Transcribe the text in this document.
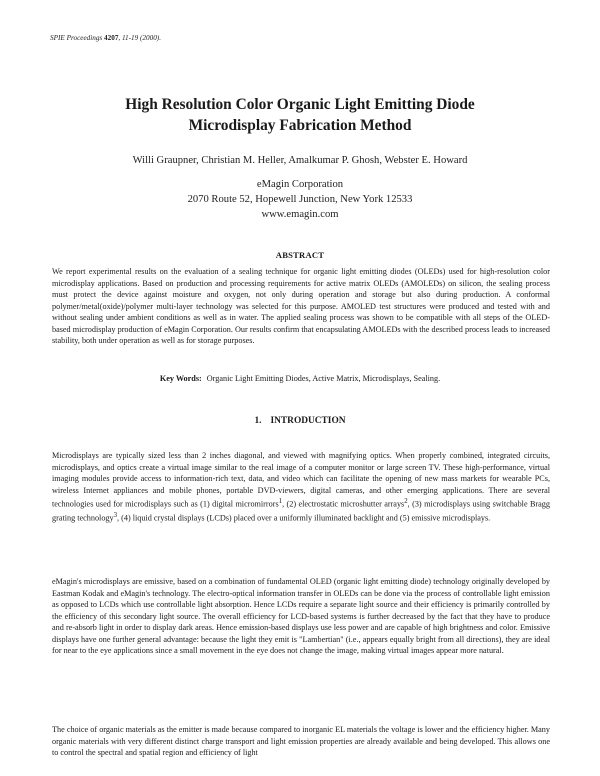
SPIE Proceedings 4207, 11-19 (2000).
High Resolution Color Organic Light Emitting Diode
Microdisplay Fabrication Method
Willi Graupner, Christian M. Heller, Amalkumar P. Ghosh, Webster E. Howard
eMagin Corporation
2070 Route 52, Hopewell Junction, New York 12533
www.emagin.com
ABSTRACT
We report experimental results on the evaluation of a sealing technique for organic light emitting diodes (OLEDs) used for high-resolution color microdisplay applications. Based on production and processing requirements for active matrix OLEDs (AMOLEDs) on silicon, the sealing process must protect the device against moisture and oxygen, not only during operation and storage but also during production. A conformal polymer/metal(oxide)/polymer multi-layer technology was selected for this purpose. AMOLED test structures were produced and tested with and without sealing under ambient conditions as well as in water. The applied sealing process was shown to be compatible with all steps of the OLED-based microdisplay production of eMagin Corporation. Our results confirm that encapsulating AMOLEDs with the described process leads to increased stability, both under operation as well as for storage purposes.
Key Words: Organic Light Emitting Diodes, Active Matrix, Microdisplays, Sealing.
1. INTRODUCTION

Microdisplays are typically sized less than 2 inches diagonal, and viewed with magnifying optics. When properly combined, integrated circuits, microdisplays, and optics create a virtual image similar to the real image of a computer monitor or large screen TV. These high-performance, virtual imaging modules provide access to information-rich text, data, and video which can facilitate the opening of new mass markets for wearable PCs, wireless Internet appliances and mobile phones, portable DVD-viewers, digital cameras, and other emerging applications. There are several technologies used for microdisplays such as (1) digital micromirrors$^1$, (2) electrostatic microshutter arrays$^2$, (3) microdisplays using switchable Bragg grating technology$^3$, (4) liquid crystal displays (LCDs) placed over a uniformly illuminated backlight and (5) emissive microdisplays.

eMagin's microdisplays are emissive, based on a combination of fundamental OLED (organic light emitting diode) technology originally developed by Eastman Kodak and eMagin's technology. The electro-optical information transfer in OLEDs can be done via the process of controllable light emission as opposed to LCDs which use controllable light absorption. Hence LCDs require a separate light source and their efficiency is primarily controlled by the efficiency of this secondary light source. The overall efficiency for LCD-based systems is further decreased by the fact that they have to produce and re-absorb light in order to display dark areas. Hence emission-based displays use less power and are capable of high brightness and color. Emissive displays have one further general advantage: because the light they emit is "Lambertian" (i.e., appears equally bright from all directions), they are ideal for near to the eye applications since a small movement in the eye does not change the image, making virtual images appear more natural.

The choice of organic materials as the emitter is made because compared to inorganic EL materials the voltage is lower and the efficiency higher. Many organic materials with very different distinct charge transport and light emission properties are already available and being developed. This allows one to control the spectral and spatial region and efficiency of light
